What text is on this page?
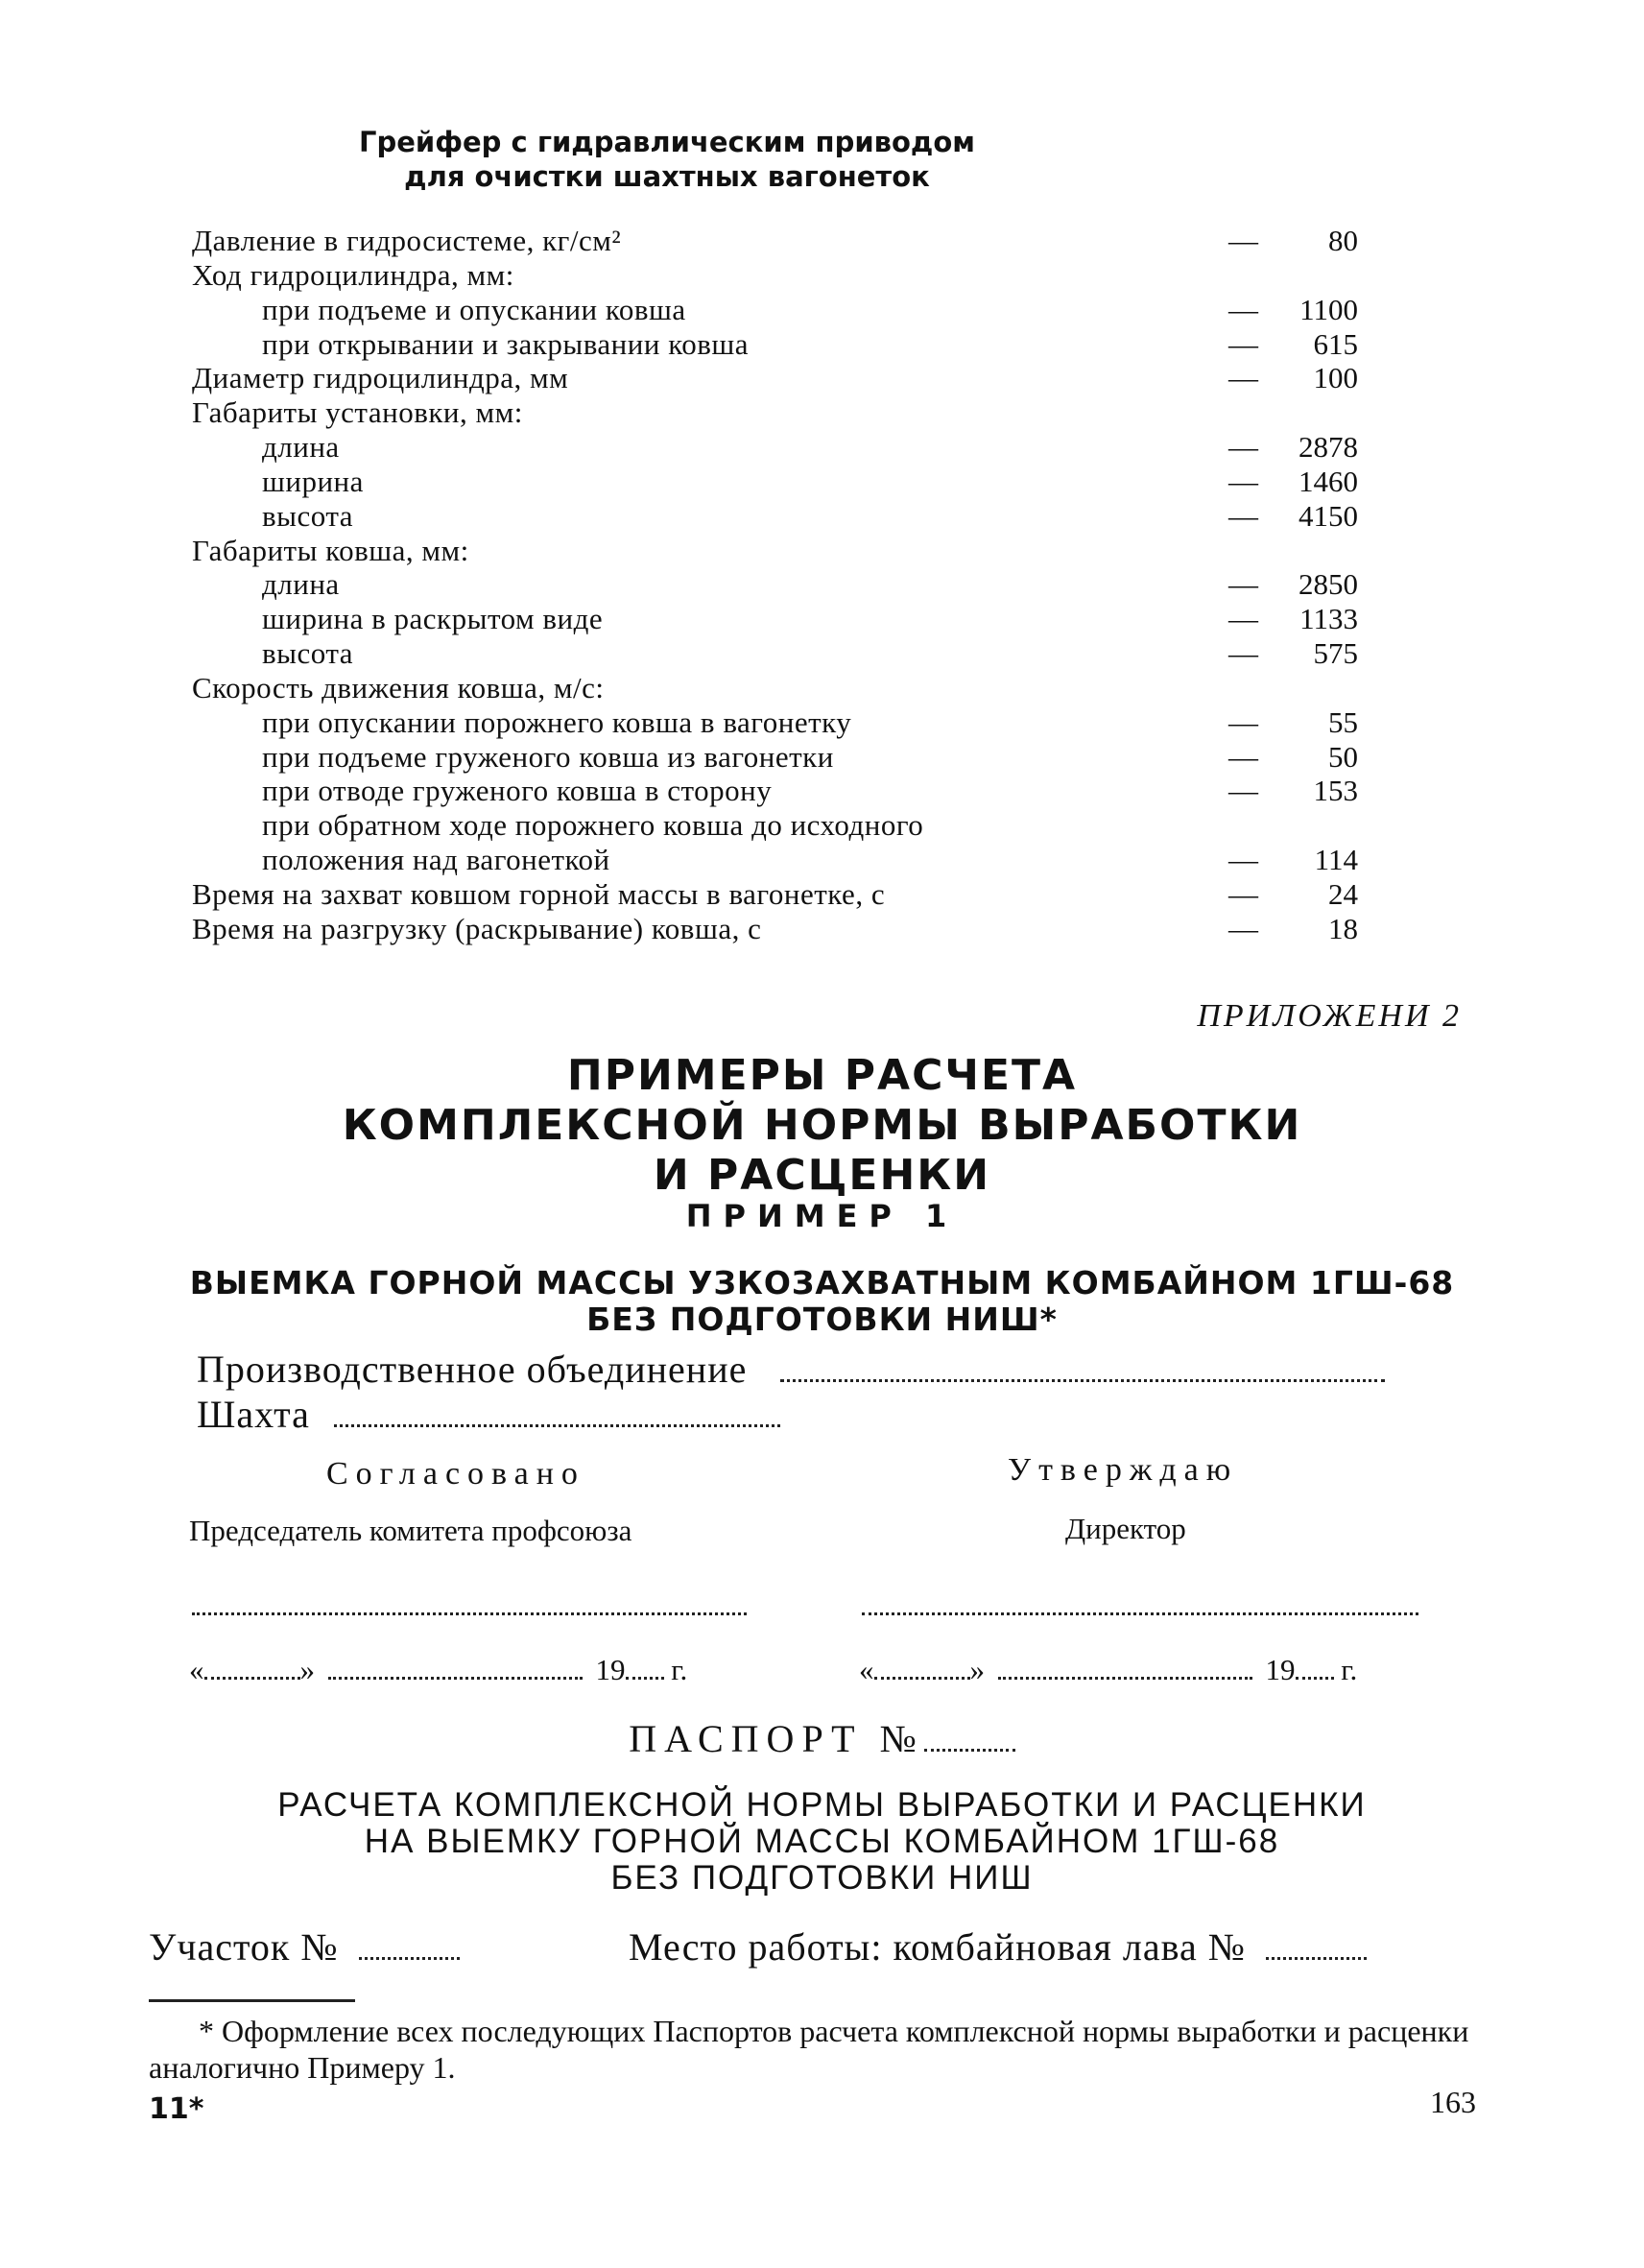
Грейфер с гидравлическим приводом
для очистки шахтных вагонеток
Давление в гидросистеме, кг/см²	— 80
Ход гидроцилиндра, мм:
при подъеме и опускании ковша	— 1100
при открывании и закрывании ковша	— 615
Диаметр гидроцилиндра, мм	— 100
Габариты установки, мм:
длина	— 2878
ширина	— 1460
высота	— 4150
Габариты ковша, мм:
длина	— 2850
ширина в раскрытом виде	— 1133
высота	— 575
Скорость движения ковша, м/с:
при опускании порожнего ковша в вагонетку	— 55
при подъеме груженого ковша из вагонетки	— 50
при отводе груженого ковша в сторону	— 153
при обратном ходе порожнего ковша до исходного
положения над вагонеткой	— 114
Время на захват ковшом горной массы в вагонетке, с	— 24
Время на разгрузку (раскрывание) ковша, с	— 18
ПРИЛОЖЕНИ 2
ПРИМЕРЫ РАСЧЕТА
КОМПЛЕКСНОЙ НОРМЫ ВЫРАБОТКИ
И РАСЦЕНКИ
ПРИМЕР 1
ВЫЕМКА ГОРНОЙ МАССЫ УЗКОЗАХВАТНЫМ КОМБАЙНОМ 1ГШ-68
БЕЗ ПОДГОТОВКИ НИШ*
Производственное объединение
Шахта
Согласовано	Утверждаю
Председатель комитета профсоюза	Директор
«	»	19 г.	«	»	19 г.
ПАСПОРТ №
РАСЧЕТА КОМПЛЕКСНОЙ НОРМЫ ВЫРАБОТКИ И РАСЦЕНКИ
НА ВЫЕМКУ ГОРНОЙ МАССЫ КОМБАЙНОМ 1ГШ-68
БЕЗ ПОДГОТОВКИ НИШ
Участок №	Место работы: комбайновая лава №
* Оформление всех последующих Паспортов расчета комплексной нормы выработки и расценки аналогично Примеру 1.
11*	163
